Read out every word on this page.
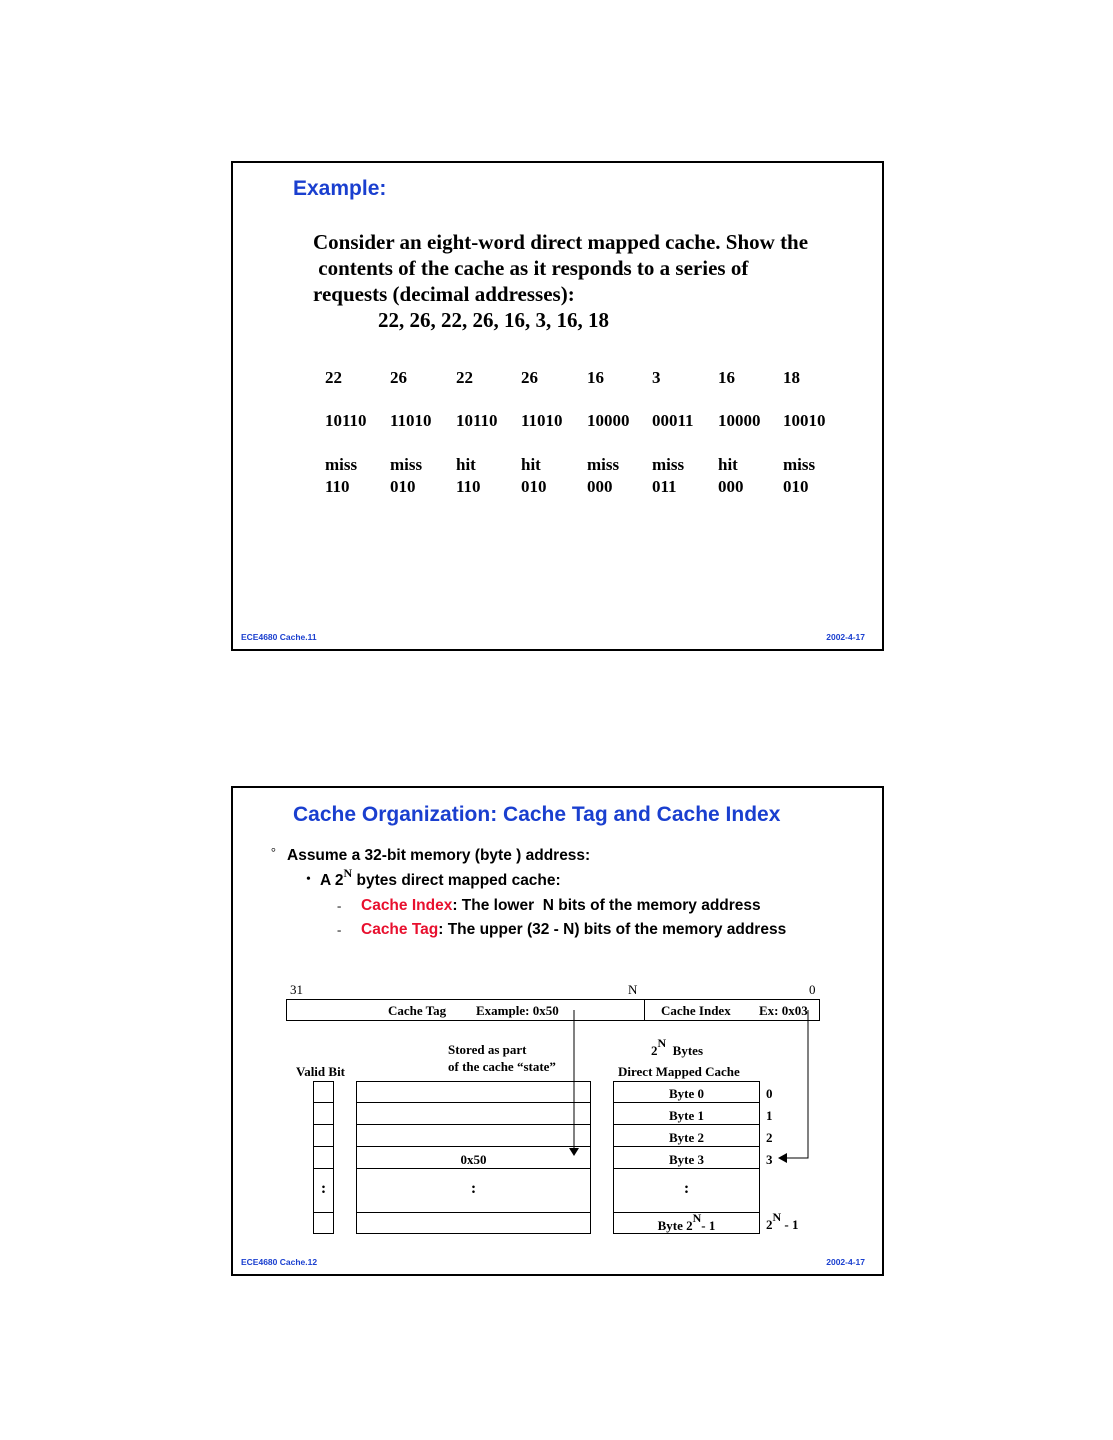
Example:
Consider an eight-word direct mapped cache. Show the
contents of the cache as it responds to a series of
requests (decimal addresses):
22, 26, 22, 26, 16, 3, 16, 18
22	26	22	26	16	3	16	18
10110 11010 10110 11010 10000 00011 10000 10010
miss miss hit	hit	miss miss hit	miss
110 010 110 010 000 011 000 010
ECE4680 Cache.11	2002-4-17
Cache Organization: Cache Tag and Cache Index
° Assume a 32-bit memory (byte ) address:
• A $2^N$ bytes direct mapped cache:
- Cache Index: The lower  N bits of the memory address
- Cache Tag: The upper (32 - N) bits of the memory address
31	N	0
Cache Tag Example: 0x50	Cache Index Ex: 0x03
Stored as part
of the cache “state”
2N Bytes
Direct Mapped Cache
Valid Bit
Byte 0
Byte 1
Byte 2
Byte 3
Byte 2N- 1
0x50
:	:	:
0
1
2
3
2N - 1
ECE4680 Cache.12	2002-4-17
